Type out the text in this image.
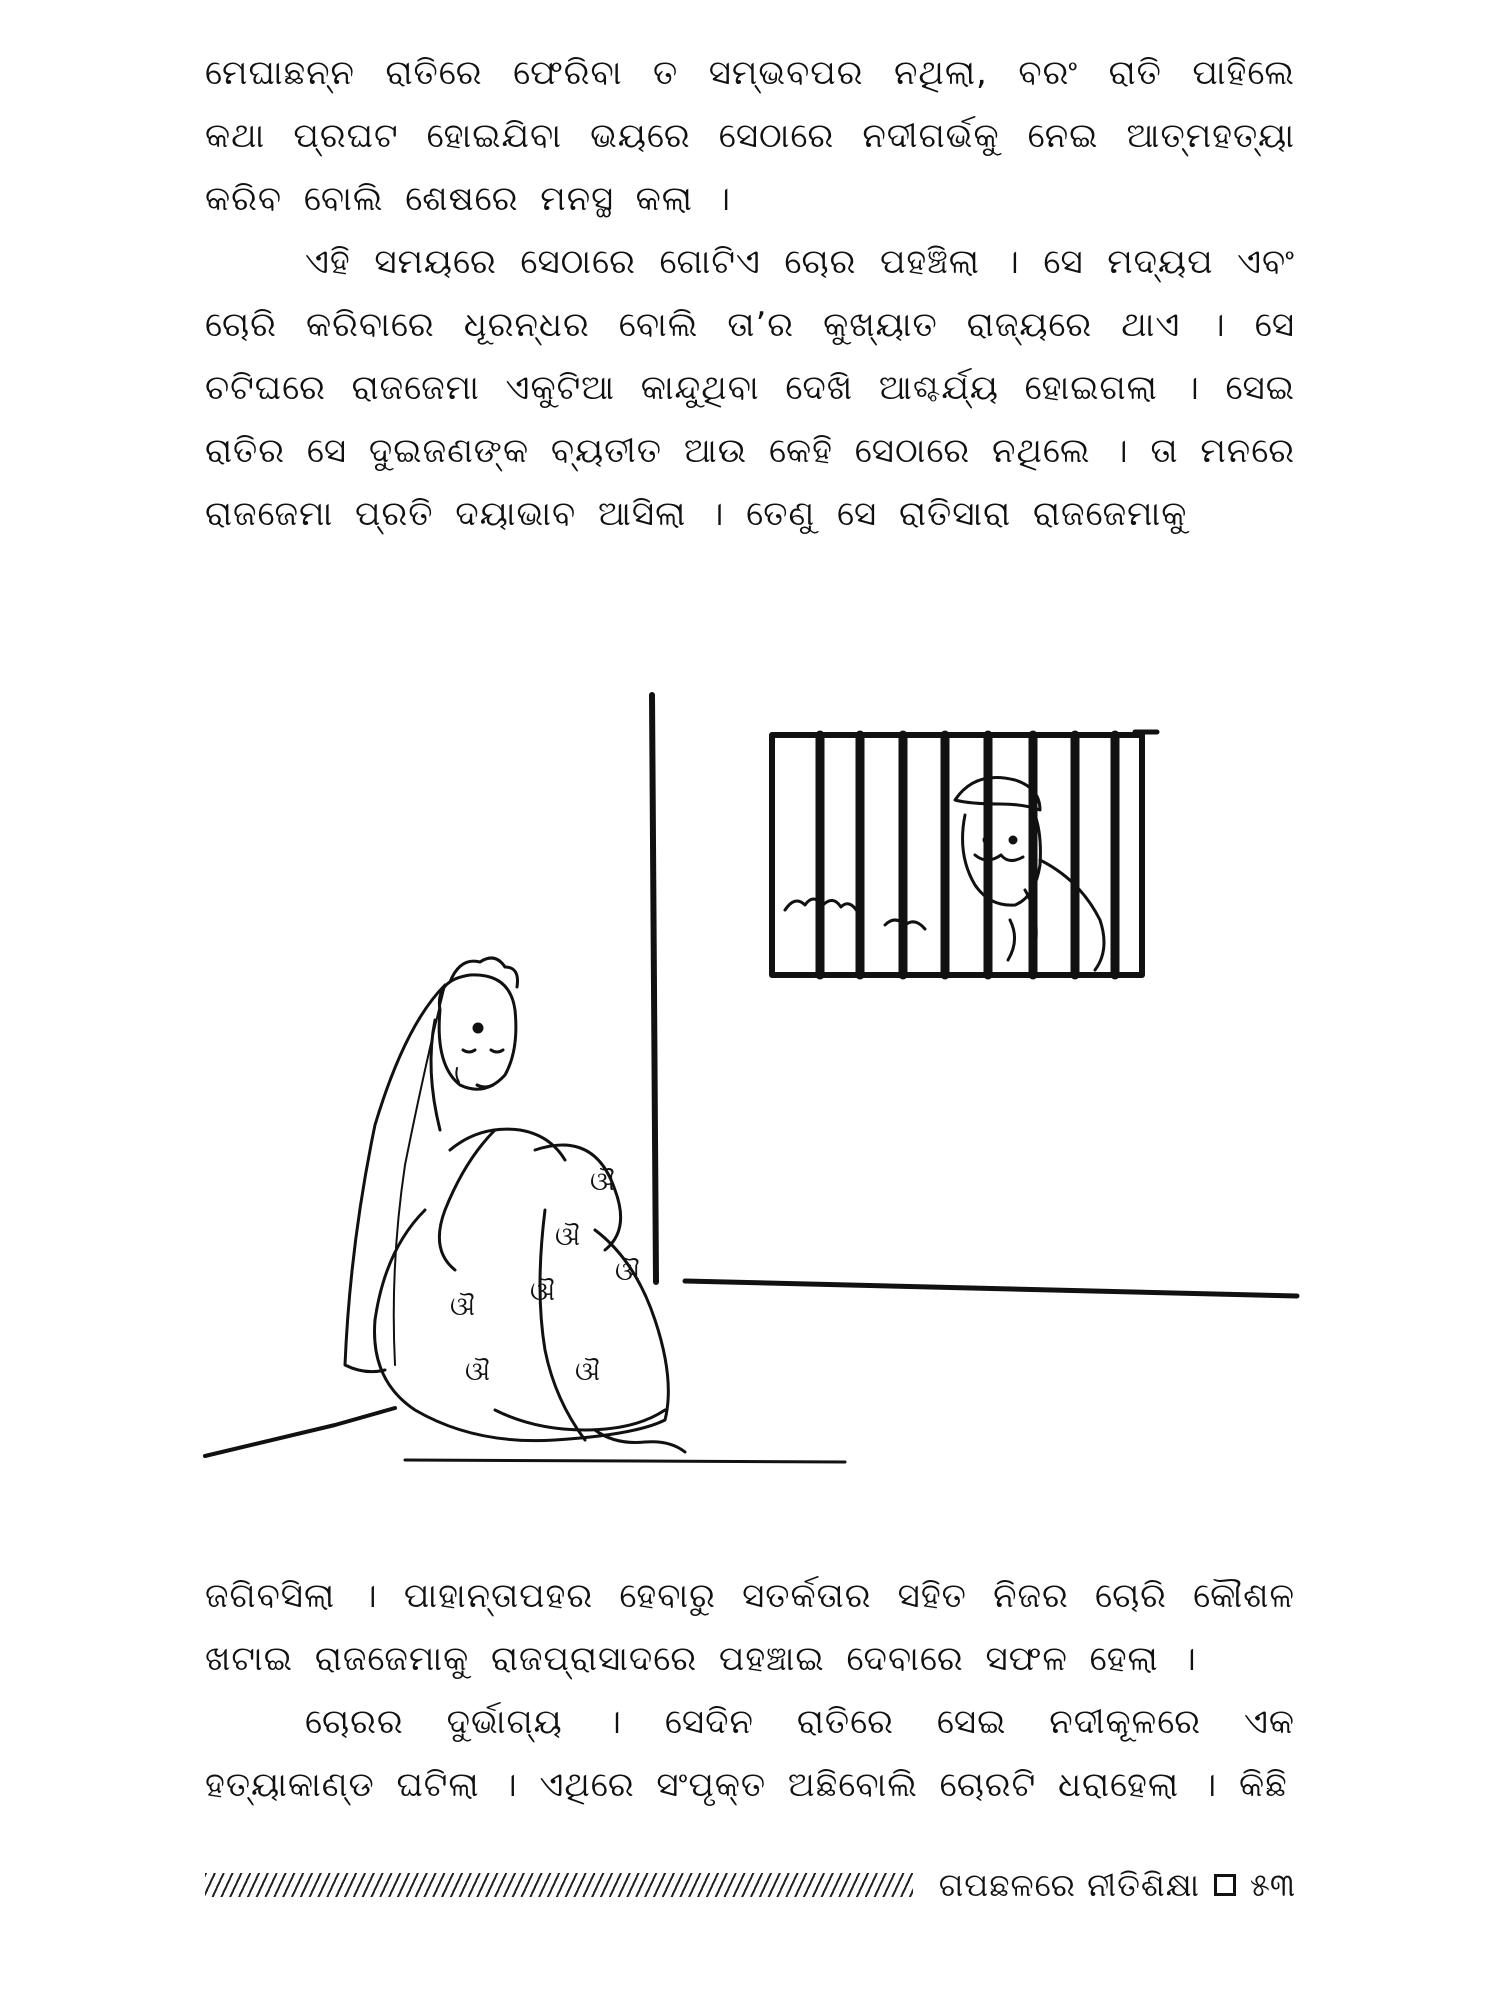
ମେଘାଛନ୍ନ ରାତିରେ ଫେରିବା ତ ସମ୍ଭବପର ନଥିଲା, ବରଂ ରାତି ପାହିଲେ କଥା ପ୍ରଘଟ ହୋଇଯିବା ଭୟରେ ସେଠାରେ ନଦୀଗର୍ଭକୁ ନେଇ ଆତ୍ମହତ୍ୟା କରିବ ବୋଲି ଶେଷରେ ମନସ୍ଥ କଲା ।

ଏହି ସମୟରେ ସେଠାରେ ଗୋଟିଏ ଚୋର ପହଞ୍ଚିଲା । ସେ ମଦ୍ୟପ ଏବଂ ଚୋରି କରିବାରେ ଧୂରନ୍ଧର ବୋଲି ତା’ର କୁଖ୍ୟାତ ରାଜ୍ୟରେ ଥାଏ । ସେ ଚଟିଘରେ ରାଜଜେମା ଏକୁଟିଆ କାନ୍ଦୁଥିବା ଦେଖି ଆଶ୍ଚର୍ଯ୍ୟ ହୋଇଗଲା । ସେଇ ରାତିର ସେ ଦୁଇଜଣଙ୍କ ବ୍ୟତୀତ ଆଉ କେହି ସେଠାରେ ନଥିଲେ । ତା ମନରେ ରାଜଜେମା ପ୍ରତି ଦୟାଭାବ ଆସିଲା । ତେଣୁ ସେ ରାତିସାରା ରାଜଜେମାକୁ

ଔ
ଔ ଔ
ଔ
ଔ	ଔ
ଔ

ଜଗିବସିଲା । ପାହାନ୍ତାପହର ହେବାରୁ ସତର୍କତାର ସହିତ ନିଜର ଚୋରି କୌଶଳ ଖଟାଇ ରାଜଜେମାକୁ ରାଜପ୍ରାସାଦରେ ପହଞ୍ଚାଇ ଦେବାରେ ସଫଳ ହେଲା ।

ଚୋରର ଦୁର୍ଭାଗ୍ୟ । ସେଦିନ ରାତିରେ ସେଇ ନଦୀକୂଳରେ ଏକ ହତ୍ୟାକାଣ୍ଡ ଘଟିଲା । ଏଥିରେ ସଂପୃକ୍ତ ଅଛିବୋଲି ଚୋରଟି ଧରାହେଲା । କିଛି

ଗପଛଳରେ ନୀତିଶିକ୍ଷା ୫୩
